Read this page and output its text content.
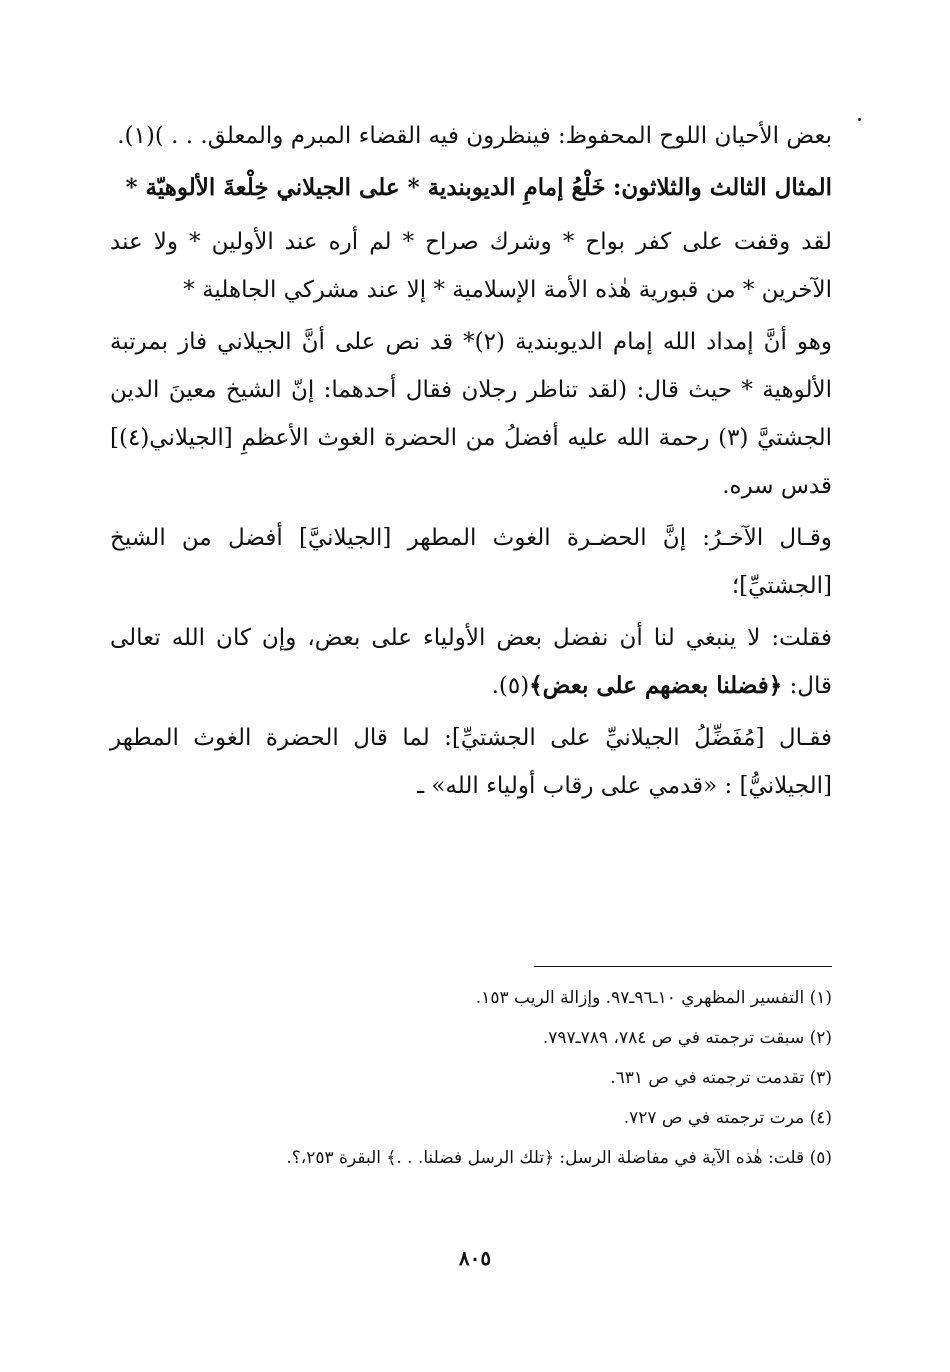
بعض الأحيان اللوح المحفوظ: فينظرون فيه القضاء المبرم والمعلق. . . )(١).

المثال الثالث والثلاثون: خَلْعُ إمامِ الديوبندية * على الجيلاني خِلْعةَ الألوهيّة *

لقد وقفت على كفر بواح * وشرك صراح * لم أره عند الأولين * ولا عند الآخرين * من قبورية هٰذه الأمة الإسلامية * إلا عند مشركي الجاهلية *

وهو أنَّ إمداد الله إمام الديوبندية (٢)* قد نص على أنَّ الجيلاني فاز بمرتبة الألوهية * حيث قال: (لقد تناظر رجلان فقال أحدهما: إنّ الشيخ معينَ الدين الجشتيَّ (٣) رحمة الله عليه أفضلُ من الحضرة الغوث الأعظمِ [الجيلاني(٤)] قدس سره.

وقـال الآخـرُ: إنَّ الحضـرة الغوث المطهر [الجيلانيَّ] أفضل من الشيخ [الجشتيِّ]؛

فقلت: لا ينبغي لنا أن نفضل بعض الأولياء على بعض، وإن كان الله تعالى قال: ﴿فضلنا بعضهم على بعض﴾(٥).

فقـال [مُفَضِّلُ الجيلانيِّ على الجشتيِّ]: لما قال الحضرة الغوث المطهر [الجيلانيُّ] : «قدمي على رقاب أولياء الله» ـ

(١) التفسير المظهري ١٠ـ٩٦ـ٩٧. وإزالة الريب ١٥٣.

(٢) سبقت ترجمته في ص ٧٨٤، ٧٨٩ـ٧٩٧.

(٣) تقدمت ترجمته في ص ٦٣١.

(٤) مرت ترجمته في ص ٧٢٧.

(٥) قلت: هٰذه الآية في مفاضلة الرسل: ﴿تلك الرسل فضلنا. . .﴾ البقرة ٢٥٣،؟.

٨٠٥
